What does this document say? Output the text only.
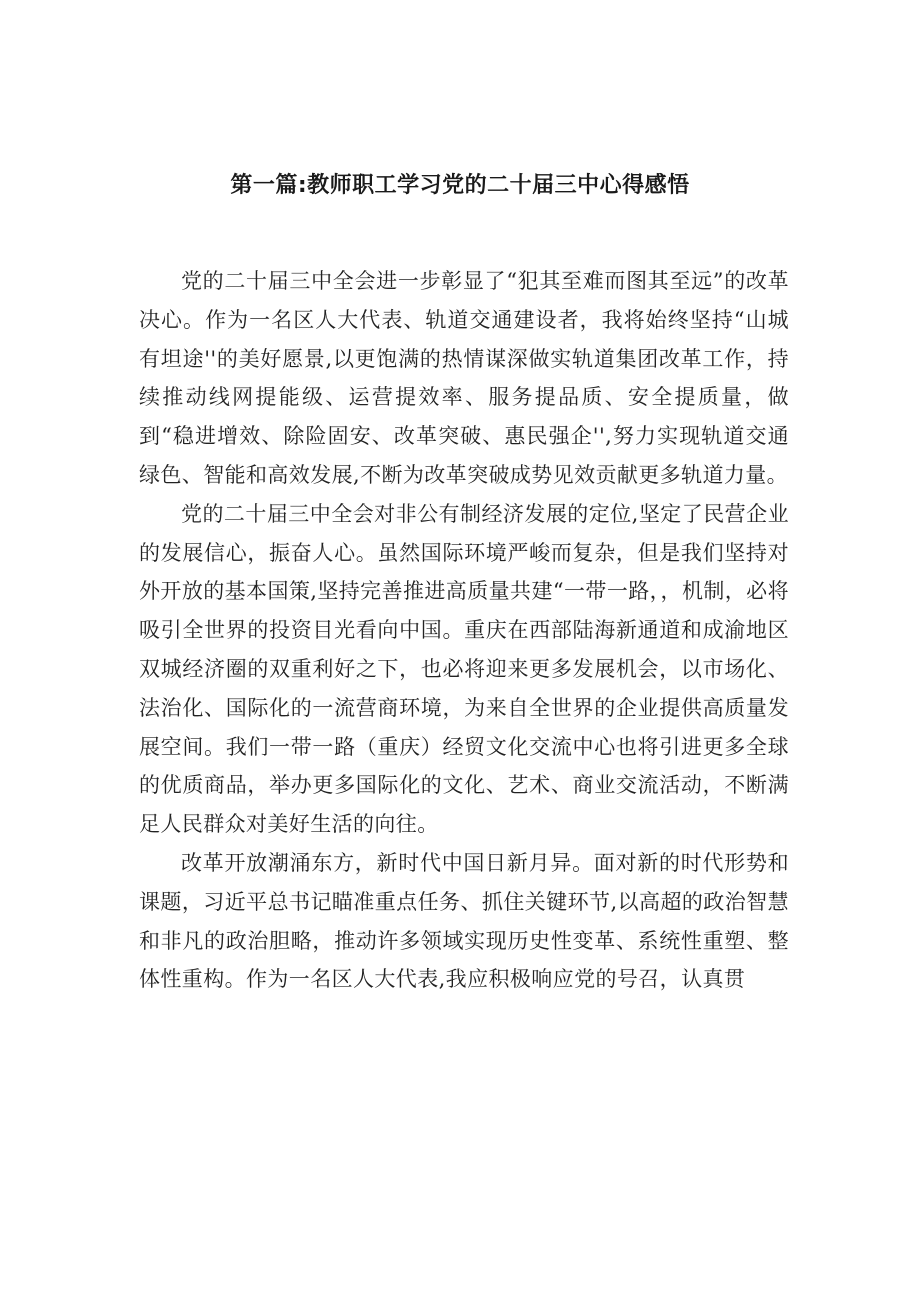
第一篇:教师职工学习党的二十届三中心得感悟

党的二十届三中全会进一步彰显了“犯其至难而图其至远”的改革决心。作为一名区人大代表、轨道交通建设者，我将始终坚持“山城有坦途''的美好愿景,以更饱满的热情谋深做实轨道集团改革工作，持续推动线网提能级、运营提效率、服务提品质、安全提质量，做到“稳进增效、除险固安、改革突破、惠民强企'',努力实现轨道交通绿色、智能和高效发展,不断为改革突破成势见效贡献更多轨道力量。

党的二十届三中全会对非公有制经济发展的定位,坚定了民营企业的发展信心，振奋人心。虽然国际环境严峻而复杂，但是我们坚持对外开放的基本国策,坚持完善推进高质量共建“一带一路，，机制，必将吸引全世界的投资目光看向中国。重庆在西部陆海新通道和成渝地区双城经济圈的双重利好之下，也必将迎来更多发展机会，以市场化、法治化、国际化的一流营商环境，为来自全世界的企业提供高质量发展空间。我们一带一路（重庆）经贸文化交流中心也将引进更多全球的优质商品，举办更多国际化的文化、艺术、商业交流活动，不断满足人民群众对美好生活的向往。

改革开放潮涌东方，新时代中国日新月异。面对新的时代形势和课题，习近平总书记瞄准重点任务、抓住关键环节,以高超的政治智慧和非凡的政治胆略，推动许多领域实现历史性变革、系统性重塑、整体性重构。作为一名区人大代表,我应积极响应党的号召，认真贯
